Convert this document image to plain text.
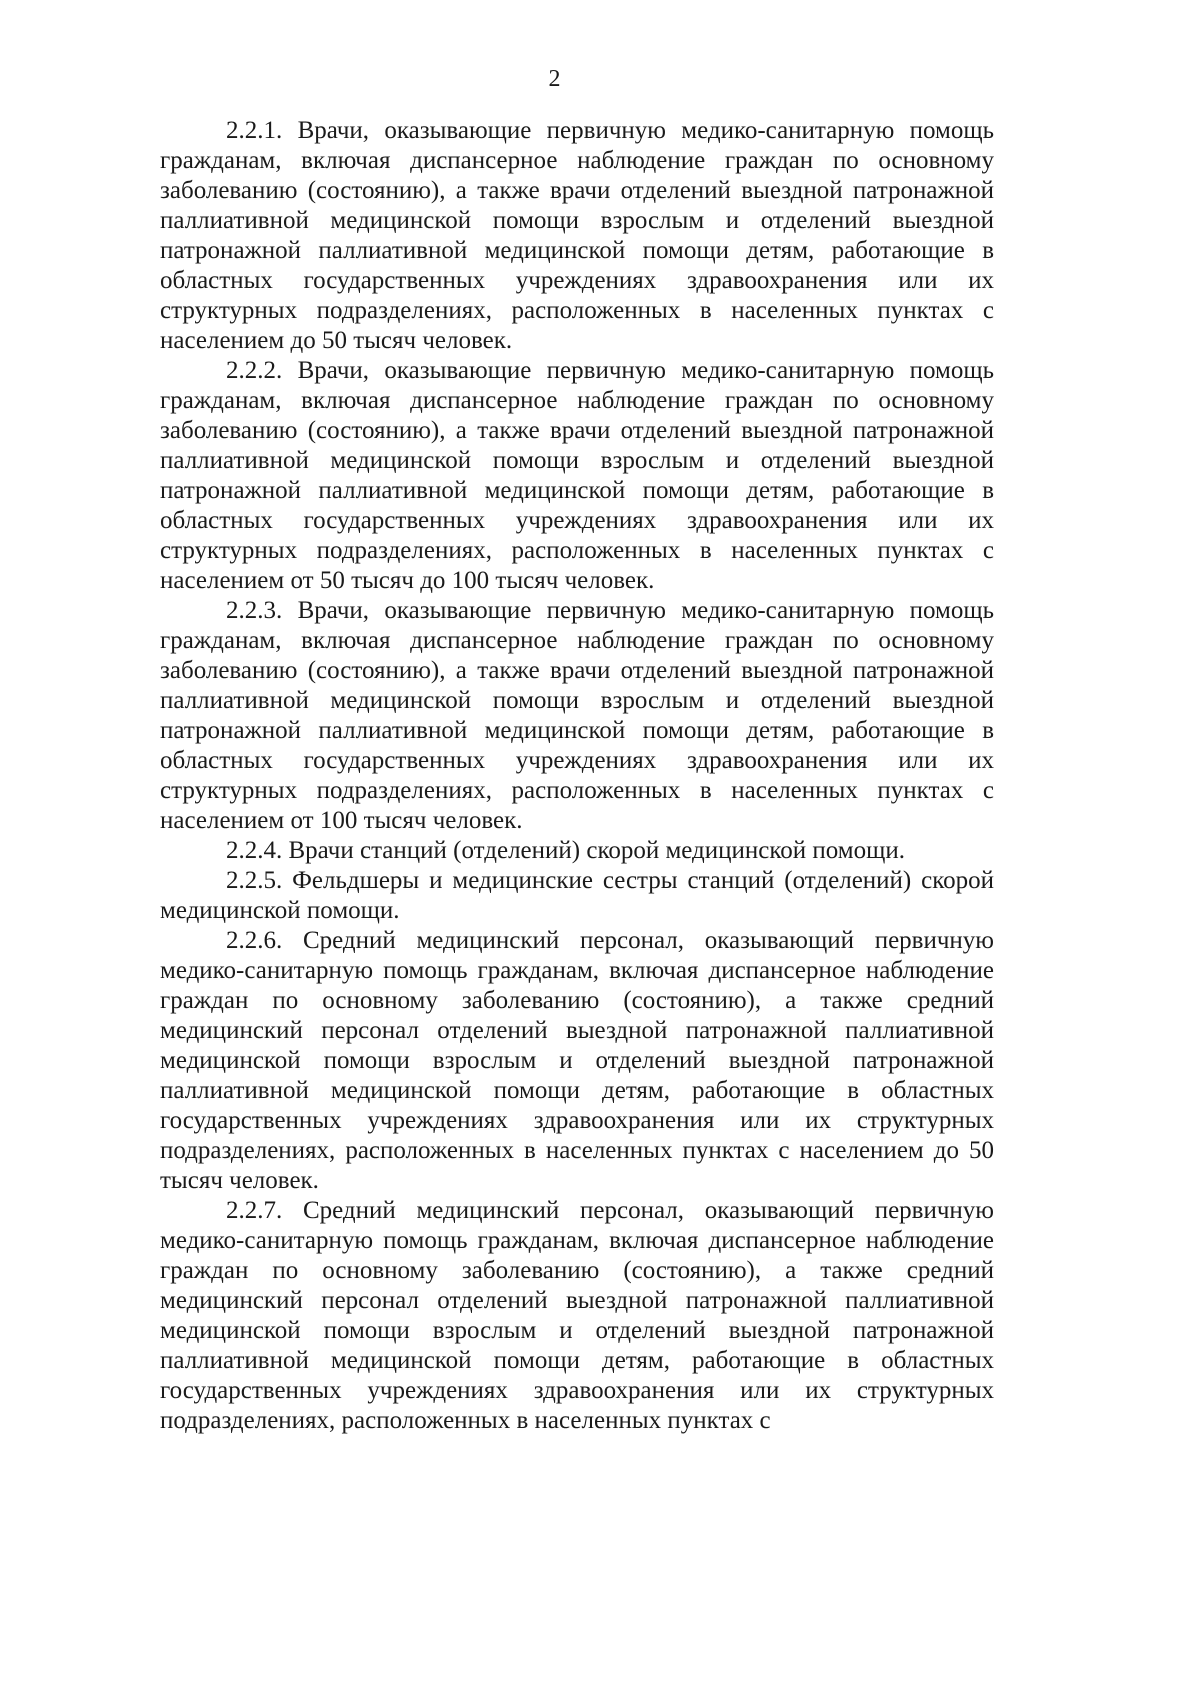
2

2.2.1. Врачи, оказывающие первичную медико-санитарную помощь гражданам, включая диспансерное наблюдение граждан по основному заболеванию (состоянию), а также врачи отделений выездной патронажной паллиативной медицинской помощи взрослым и отделений выездной патронажной паллиативной медицинской помощи детям, работающие в областных государственных учреждениях здравоохранения или их структурных подразделениях, расположенных в населенных пунктах с населением до 50 тысяч человек.

2.2.2. Врачи, оказывающие первичную медико-санитарную помощь гражданам, включая диспансерное наблюдение граждан по основному заболеванию (состоянию), а также врачи отделений выездной патронажной паллиативной медицинской помощи взрослым и отделений выездной патронажной паллиативной медицинской помощи детям, работающие в областных государственных учреждениях здравоохранения или их структурных подразделениях, расположенных в населенных пунктах с населением от 50 тысяч до 100 тысяч человек.

2.2.3. Врачи, оказывающие первичную медико-санитарную помощь гражданам, включая диспансерное наблюдение граждан по основному заболеванию (состоянию), а также врачи отделений выездной патронажной паллиативной медицинской помощи взрослым и отделений выездной патронажной паллиативной медицинской помощи детям, работающие в областных государственных учреждениях здравоохранения или их структурных подразделениях, расположенных в населенных пунктах с населением от 100 тысяч человек.

2.2.4. Врачи станций (отделений) скорой медицинской помощи.

2.2.5. Фельдшеры и медицинские сестры станций (отделений) скорой медицинской помощи.

2.2.6. Средний медицинский персонал, оказывающий первичную медико-санитарную помощь гражданам, включая диспансерное наблюдение граждан по основному заболеванию (состоянию), а также средний медицинский персонал отделений выездной патронажной паллиативной медицинской помощи взрослым и отделений выездной патронажной паллиативной медицинской помощи детям, работающие в областных государственных учреждениях здравоохранения или их структурных подразделениях, расположенных в населенных пунктах с населением до 50 тысяч человек.

2.2.7. Средний медицинский персонал, оказывающий первичную медико-санитарную помощь гражданам, включая диспансерное наблюдение граждан по основному заболеванию (состоянию), а также средний медицинский персонал отделений выездной патронажной паллиативной медицинской помощи взрослым и отделений выездной патронажной паллиативной медицинской помощи детям, работающие в областных государственных учреждениях здравоохранения или их структурных подразделениях, расположенных в населенных пунктах с
